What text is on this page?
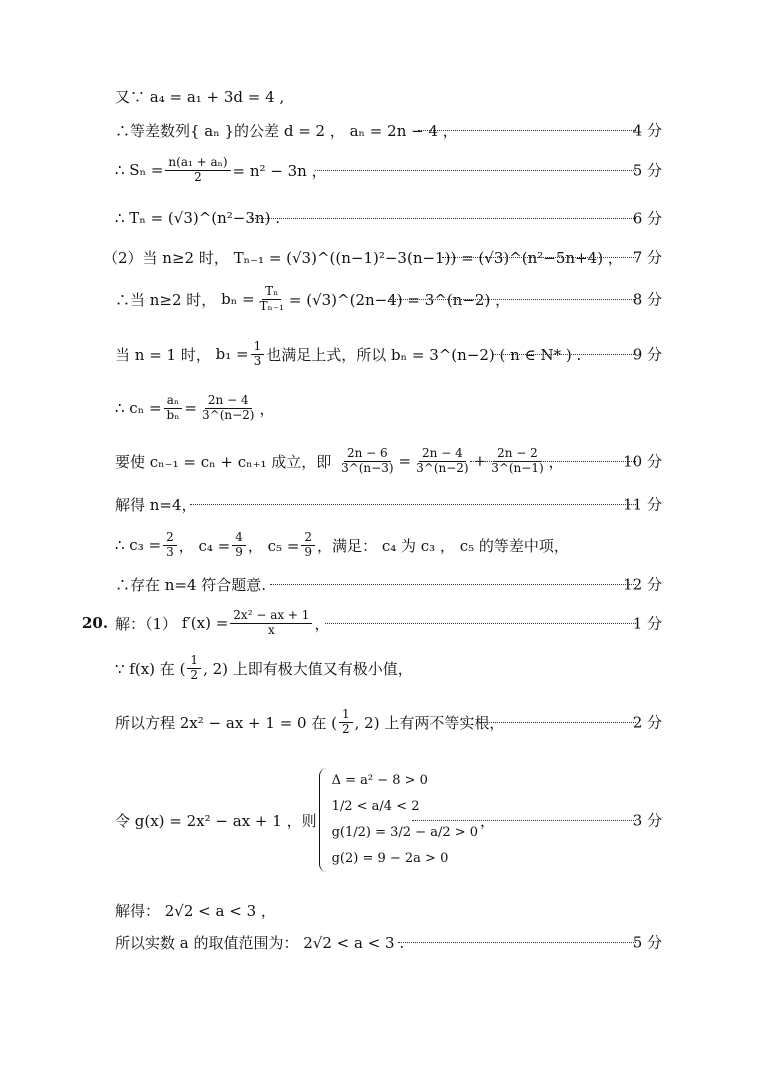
又∵ a₄ = a₁ + 3d = 4 ,
∴等差数列{ aₙ }的公差 d = 2 ， aₙ = 2n − 4 ，	4 分
∴ $S_n = \frac{\text{n(a₁ + aₙ)}}{2} = n^2 - 3n$ ，	5 分
∴ Tₙ = (√3)^(n²−3n) .	6 分
（2）当 n≥2 时， Tₙ₋₁ = (√3)^((n−1)²−3(n−1)) = (√3)^(n²−5n+4) ， 7 分
∴当 n≥2 时，
$b_n = \frac{\text{Tₙ}}{\text{Tₙ₋₁}}$ = (√3)^(2n−4) = 3^(n−2) ，	8 分
当 n = 1 时，
$b_1 = \frac{1}{3}$ 也满足上式，所以 bₙ = 3^(n−2) ( n ∈ N* ) .	9 分
∴ $c_n = \frac{\text{aₙ}}{\text{bₙ}} = \frac{2n - 4}{3\^{}(n-2)}$ ，
要使 cₙ₋₁ = cₙ + cₙ₊₁ 成立，即
$\frac{2n - 6}{3\^{}(n-3)} = \frac{2n - 4}{3\^{}(n-2)} + \frac{2n - 2}{3\^{}(n-1)}$ ，	10 分
解得 n=4，	11 分
∴ $c_3 = \frac{2}{3}$ ， $c_4 = \frac{4}{9}$ ， $c_5 = \frac{2}{9}$ ，满足： c₄ 为 c₃ ， c₅ 的等差中项，
∴存在 n=4 符合题意.	12 分
20. 解：（1）
$f'(x) = \frac{\text{2x² − ax + 1}}{x}$ ，	1 分
∵ f(x) 在 ( $\frac{1}{2}$ , 2) 上即有极大值又有极小值，
所以方程 2x² − ax + 1 = 0 在 ( $\frac{1}{2}$ , 2) 上有两不等实根，	2 分
令 g(x) = 2x² − ax + 1 ，则
Δ = a² − 8 > 0
1/2 < a/4 < 2
g(1/2) = 3/2 − a/2 > 0
g(2) = 9 − 2a > 0
，	3 分
解得： 2√2 < a < 3 ，
所以实数 a 的取值范围为： 2√2 < a < 3 .	5 分
